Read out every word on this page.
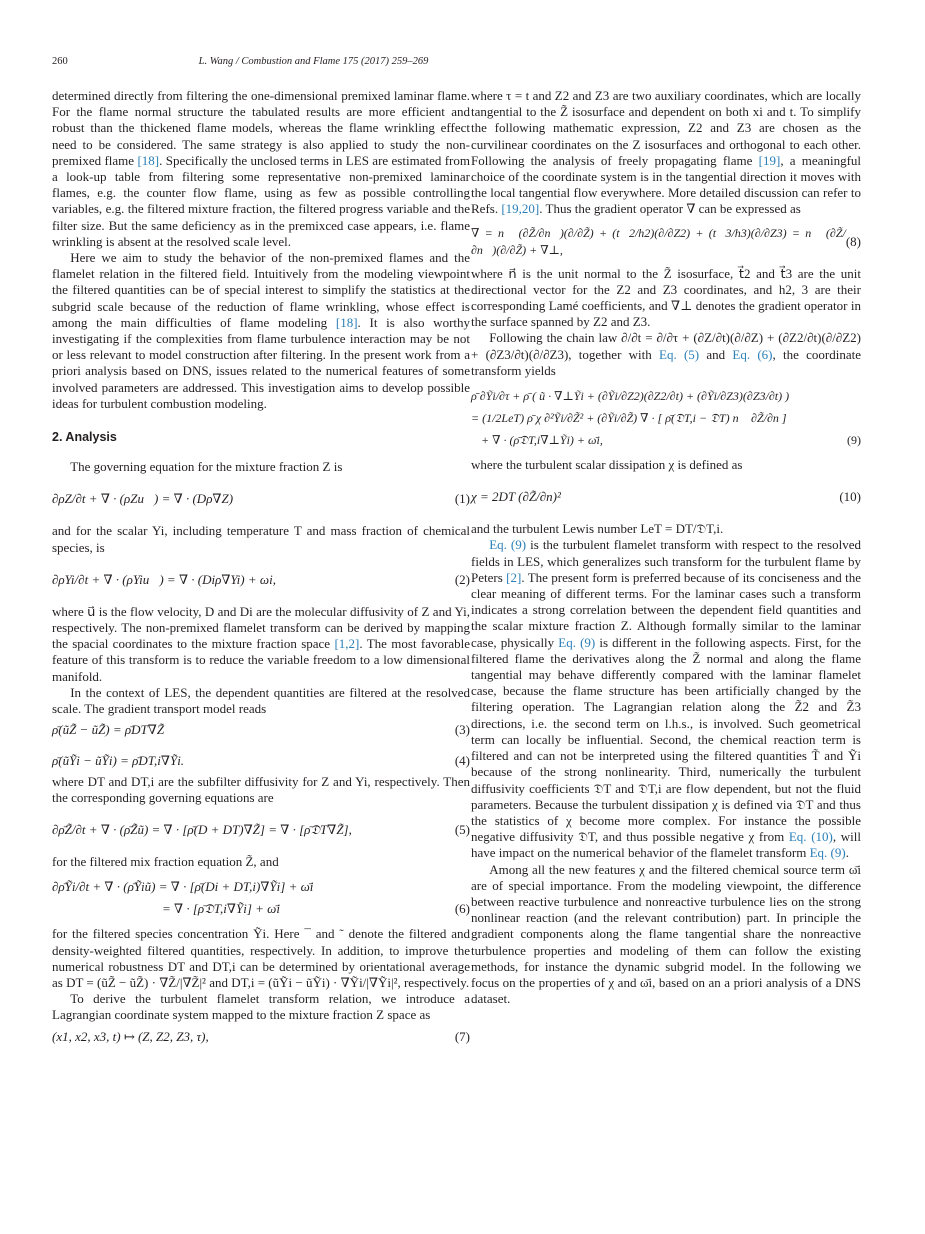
260	L. Wang / Combustion and Flame 175 (2017) 259–269

determined directly from filtering the one-dimensional premixed laminar flame. For the flame normal structure the tabulated results are more efficient and robust than the thickened flame models, whereas the flame wrinkling effect need to be considered. The same strategy is also applied to study the non-premixed flame [18]. Specifically the unclosed terms in LES are estimated from a look-up table from filtering some representative non-premixed laminar flames, e.g. the counter flow flame, using as few as possible controlling variables, e.g. the filtered mixture fraction, the filtered progress variable and the filter size. But the same deficiency as in the premixced case appears, i.e. flame wrinkling is absent at the resolved scale level.

Here we aim to study the behavior of the non-premixed flames and the flamelet relation in the filtered field. Intuitively from the modeling viewpoint the filtered quantities can be of special interest to simplify the statistics at the subgrid scale because of the reduction of flame wrinkling, whose effect is among the main difficulties of flame modeling [18]. It is also worthy investigating if the complexities from flame turbulence interaction may be not or less relevant to model construction after filtering. In the present work from a priori analysis based on DNS, issues related to the numerical features of some involved parameters are addressed. This investigation aims to develop possible ideas for turbulent combustion modeling.

2. Analysis

The governing equation for the mixture fraction Z is

∂ρZ/∂t + ∇ · (ρZu⃗) = ∇ · (Dρ∇Z)	(1)

and for the scalar Yi, including temperature T and mass fraction of chemical species, is

∂ρYi/∂t + ∇ · (ρYiu⃗) = ∇ · (Diρ∇Yi) + ωi,	(2)

where u⃗ is the flow velocity, D and Di are the molecular diffusivity of Z and Yi, respectively. The non-premixed flamelet transform can be derived by mapping the spacial coordinates to the mixture fraction space [1,2]. The most favorable feature of this transform is to reduce the variable freedom to a low dimensional manifold.

In the context of LES, the dependent quantities are filtered at the resolved scale. The gradient transport model reads

ρ̄(ũZ̃ − ũZ̃) = ρ̄DT∇Z̃	(3)
ρ̄(ũỸi − ũỸi) = ρ̄DT,i∇Ỹi.	(4)

where DT and DT,i are the subfilter diffusivity for Z and Yi, respectively. Then the corresponding governing equations are

∂ρ̄Z̃/∂t + ∇ · (ρ̄Z̃ũ) = ∇ · [ρ̄(D + DT)∇Z̃] = ∇ · [ρ̄𝔇T∇Z̃],	(5)

for the filtered mix fraction equation Z̃, and

∂ρ̄Ỹi/∂t + ∇ · (ρ̄Ỹiũ) = ∇ · [ρ̄(Di + DT,i)∇Ỹi] + ω̄i
= ∇ · [ρ̄𝔇T,i∇Ỹi] + ω̄i	(6)

for the filtered species concentration Ỹi. Here ¯ and ˜ denote the filtered and density-weighted filtered quantities, respectively. In addition, to improve the numerical robustness DT and DT,i can be determined by orientational average as DT = (ũZ̃ − ũZ̃) · ∇Z̃/|∇Z̃|² and DT,i = (ũỸi − ũỸi) · ∇Ỹi/|∇Ỹi|², respectively.

To derive the turbulent flamelet transform relation, we introduce a Lagrangian coordinate system mapped to the mixture fraction Z space as

(x1, x2, x3, t) ↦ (Z, Z2, Z3, τ),	(7)

where τ = t and Z2 and Z3 are two auxiliary coordinates, which are locally tangential to the Z̃ isosurface and dependent on both xi and t. To simplify the following mathematic expression, Z2 and Z3 are chosen as the curvilinear coordinates on the Z isosurfaces and orthogonal to each other. Following the analysis of freely propagating flame [19], a meaningful choice of the coordinate system is in the tangential direction it moves with the local tangential flow everywhere. More detailed discussion can refer to Refs. [19,20]. Thus the gradient operator ∇ can be expressed as

∇ = n⃗ (∂Z̃/∂n⃗)(∂/∂Z̃) + (t⃗2/h2)(∂/∂Z2) + (t⃗3/h3)(∂/∂Z3) = n⃗ (∂Z̃/∂n⃗)(∂/∂Z̃) + ∇⊥,
(8)

where n⃗ is the unit normal to the Z̃ isosurface, t⃗2 and t⃗3 are the unit directional vector for the Z2 and Z3 coordinates, and h2, 3 are their corresponding Lamé coefficients, and ∇⊥ denotes the gradient operator in the surface spanned by Z2 and Z3.

Following the chain law ∂/∂t = ∂/∂τ + (∂Z/∂t)(∂/∂Z) + (∂Z2/∂t)(∂/∂Z2) + (∂Z3/∂t)(∂/∂Z3), together with Eq. (5) and Eq. (6), the coordinate transform yields

ρ̄ ∂Ỹi/∂τ + ρ̄ ( ũ · ∇⊥Ỹi + (∂Ỹi/∂Z2)(∂Z2/∂t) + (∂Ỹi/∂Z3)(∂Z3/∂t) )
= (1/2LeT) ρ̄ χ ∂²Ỹi/∂Z̃² + (∂Ỹi/∂Z̃) ∇ · [ ρ̄(𝔇T,i − 𝔇T) n⃗ ∂Z̃/∂n ]
+ ∇ · (ρ̄𝔇T,i∇⊥Ỹi) + ω̄i,	(9)

where the turbulent scalar dissipation χ is defined as

χ = 2DT (∂Z̃/∂n)²	(10)

and the turbulent Lewis number LeT = DT/𝔇T,i.

Eq. (9) is the turbulent flamelet transform with respect to the resolved fields in LES, which generalizes such transform for the turbulent flame by Peters [2]. The present form is preferred because of its conciseness and the clear meaning of different terms. For the laminar cases such a transform indicates a strong correlation between the dependent field quantities and the scalar mixture fraction Z. Although formally similar to the laminar case, physically Eq. (9) is different in the following aspects. First, for the filtered flame the derivatives along the Z̃ normal and along the flame tangential may behave differently compared with the laminar flamelet case, because the flame structure has been artificially changed by the filtering operation. The Lagrangian relation along the Z̃2 and Z̃3 directions, i.e. the second term on l.h.s., is involved. Such geometrical term can locally be influential. Second, the chemical reaction term is filtered and can not be interpreted using the filtered quantities T̃ and Ỹi because of the strong nonlinearity. Third, numerically the turbulent diffusivity coefficients 𝔇T and 𝔇T,i are flow dependent, but not the fluid parameters. Because the turbulent dissipation χ is defined via 𝔇T and thus the statistics of χ become more complex. For instance the possible negative diffusivity 𝔇T, and thus possible negative χ from Eq. (10), will have impact on the numerical behavior of the flamelet transform Eq. (9).

Among all the new features χ and the filtered chemical source term ω̄i are of special importance. From the modeling viewpoint, the difference between reactive turbulence and nonreactive turbulence lies on the strong nonlinear reaction (and the relevant contribution) part. In principle the gradient components along the flame tangential share the nonreactive turbulence properties and modeling of them can follow the existing methods, for instance the dynamic subgrid model. In the following we focus on the properties of χ and ω̄i, based on an a priori analysis of a DNS dataset.
